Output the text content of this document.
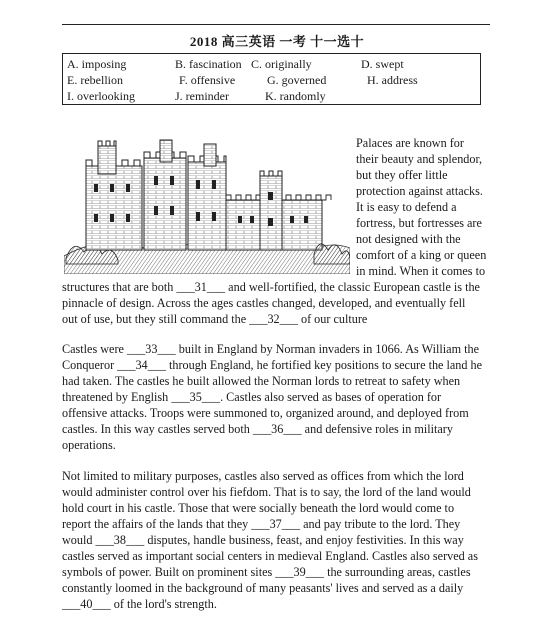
2018 高三英语 一考 十一选十
A. imposing	B. fascination C. originally	D. swept
E. rebellion	F. offensive	G. governed	H. address
I. overlooking	J. reminder	K. randomly
Palaces are known for
their beauty and splendor,
but they offer little
protection against attacks.
It is easy to defend a
fortress, but fortresses are
not designed with the
comfort of a king or queen
in mind. When it comes to
structures that are both ___31___ and well-fortified, the classic European castle is the
pinnacle of design. Across the ages castles changed, developed, and eventually fell
out of use, but they still command the ___32___ of our culture
Castles were ___33___ built in England by Norman invaders in 1066. As William the
Conqueror ___34___ through England, he fortified key positions to secure the land he
had taken. The castles he built allowed the Norman lords to retreat to safety when
threatened by English ___35___. Castles also served as bases of operation for
offensive attacks. Troops were summoned to, organized around, and deployed from
castles. In this way castles served both ___36___ and defensive roles in military
operations.
Not limited to military purposes, castles also served as offices from which the lord
would administer control over his fiefdom. That is to say, the lord of the land would
hold court in his castle. Those that were socially beneath the lord would come to
report the affairs of the lands that they ___37___ and pay tribute to the lord. They
would ___38___ disputes, handle business, feast, and enjoy festivities. In this way
castles served as important social centers in medieval England. Castles also served as
symbols of power. Built on prominent sites ___39___ the surrounding areas, castles
constantly loomed in the background of many peasants' lives and served as a daily
___40___ of the lord's strength.
